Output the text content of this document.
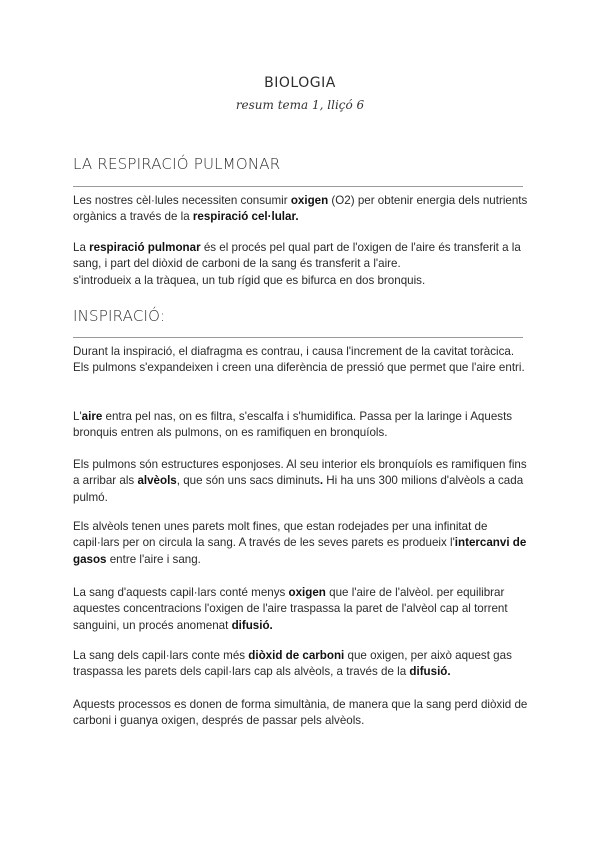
BIOLOGIA
resum tema 1, lliçó 6
LA RESPIRACIÓ PULMONAR
Les nostres cèl·lules necessiten consumir oxigen (O2) per obtenir energia dels nutrients orgànics a través de la respiració cel·lular.
La respiració pulmonar és el procés pel qual part de l'oxigen de l'aire és transferit a la sang, i part del diòxid de carboni de la sang és transferit a l'aire.
s'introdueix a la tràquea, un tub rígid que es bifurca en dos bronquis.
INSPIRACIÓ:
Durant la inspiració, el diafragma es contrau, i causa l'increment de la cavitat toràcica. Els pulmons s'expandeixen i creen una diferència de pressió que permet que l'aire entri.
L'aire entra pel nas, on es filtra, s'escalfa i s'humidifica. Passa per la laringe i Aquests bronquis entren als pulmons, on es ramifiquen en bronquíols.
Els pulmons són estructures esponjoses. Al seu interior els bronquíols es ramifiquen fins a arribar als alvèols, que són uns sacs diminuts. Hi ha uns 300 milions d'alvèols a cada pulmó.
Els alvèols tenen unes parets molt fines, que estan rodejades per una infinitat de capil·lars per on circula la sang. A través de les seves parets es produeix l'intercanvi de gasos entre l'aire i sang.
La sang d'aquests capil·lars conté menys oxigen que l'aire de l'alvèol. per equilibrar aquestes concentracions l'oxigen de l'aire traspassa la paret de l'alvèol cap al torrent sanguini, un procés anomenat difusió.
La sang dels capil·lars conte més diòxid de carboni que oxigen, per això aquest gas traspassa les parets dels capil·lars cap als alvèols, a través de la difusió.
Aquests processos es donen de forma simultània, de manera que la sang perd diòxid de carboni i guanya oxigen, després de passar pels alvèols.
